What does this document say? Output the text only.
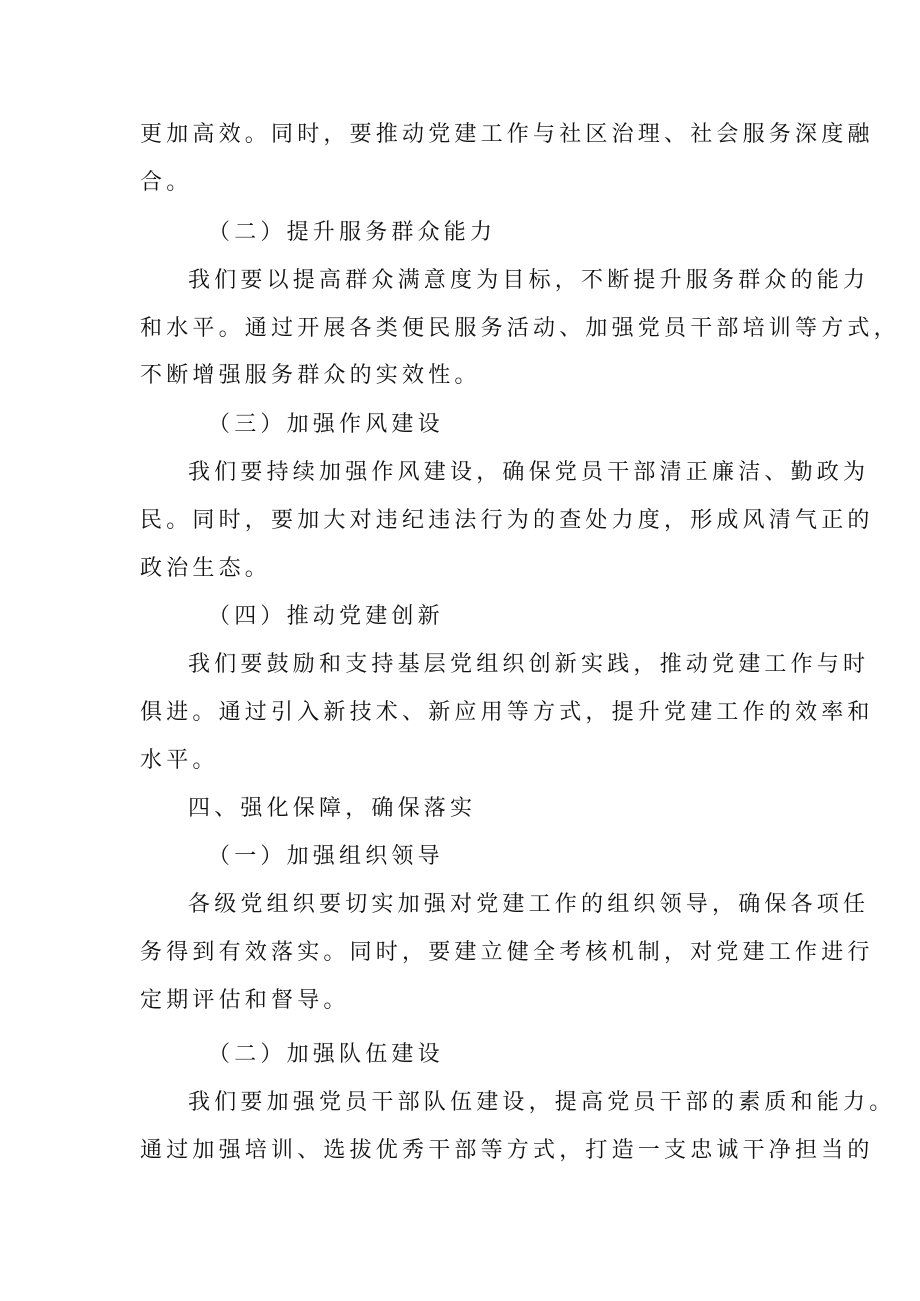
更加高效。同时，要推动党建工作与社区治理、社会服务深度融
合。
（二）提升服务群众能力
我们要以提高群众满意度为目标，不断提升服务群众的能力
和水平。通过开展各类便民服务活动、加强党员干部培训等方式，
不断增强服务群众的实效性。
（三）加强作风建设
我们要持续加强作风建设，确保党员干部清正廉洁、勤政为
民。同时，要加大对违纪违法行为的查处力度，形成风清气正的
政治生态。
（四）推动党建创新
我们要鼓励和支持基层党组织创新实践，推动党建工作与时
俱进。通过引入新技术、新应用等方式，提升党建工作的效率和
水平。
四、强化保障，确保落实
（一）加强组织领导
各级党组织要切实加强对党建工作的组织领导，确保各项任
务得到有效落实。同时，要建立健全考核机制，对党建工作进行
定期评估和督导。
（二）加强队伍建设
我们要加强党员干部队伍建设，提高党员干部的素质和能力。
通过加强培训、选拔优秀干部等方式，打造一支忠诚干净担当的
